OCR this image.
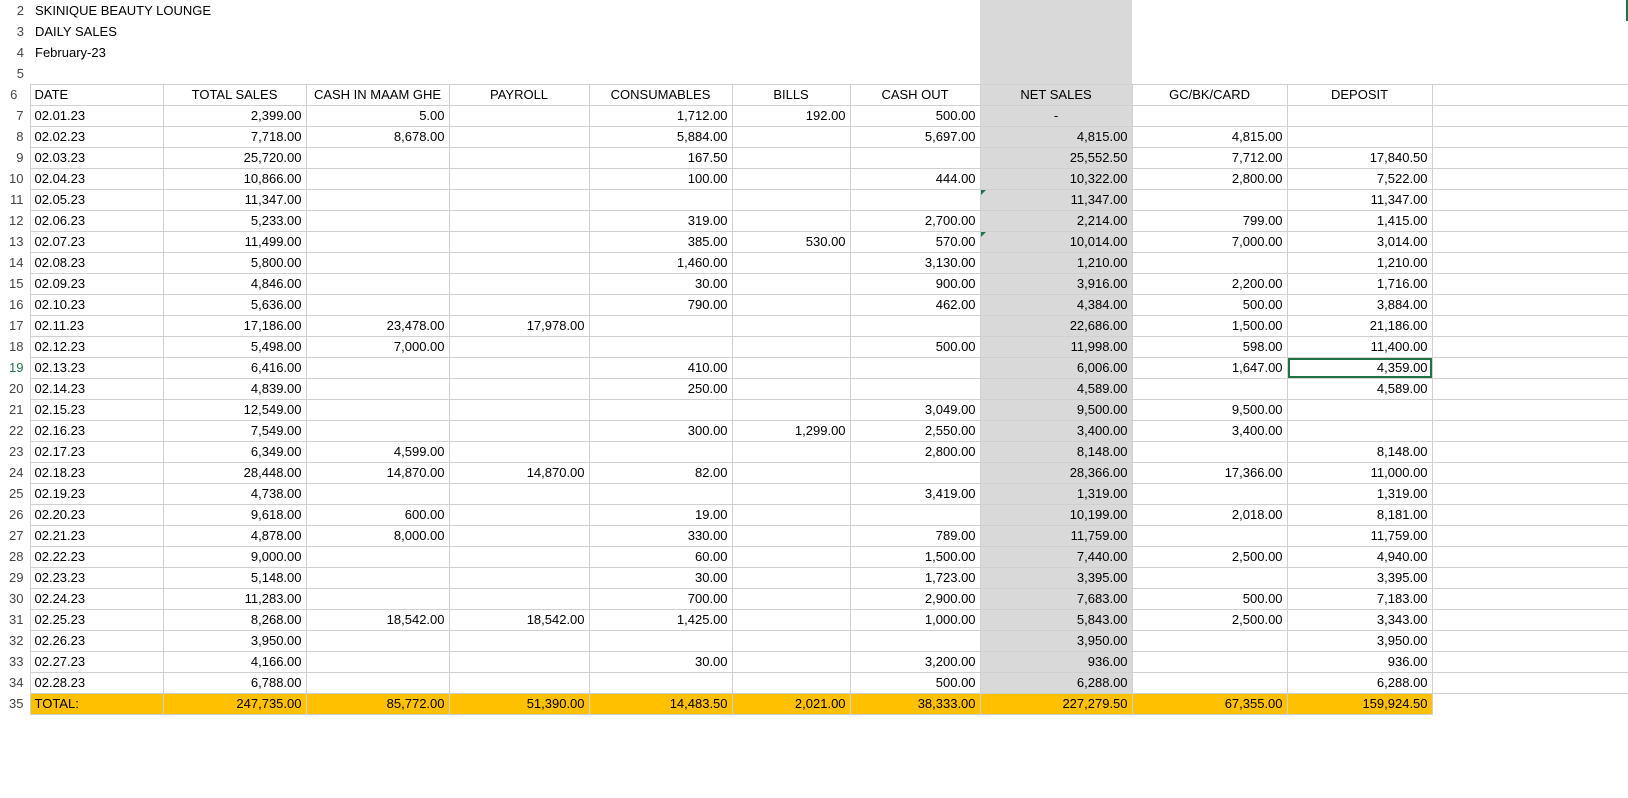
2	SKINIQUE BEAUTY LOUNGE										
3	DAILY SALES										
4	February-23										
5											
6	DATE	TOTAL SALES	CASH IN MAAM GHE	PAYROLL	CONSUMABLES	BILLS	CASH OUT	NET SALES	GC/BK/CARD	DEPOSIT	
7	02.01.23	2,399.00	5.00		1,712.00	192.00	500.00	-			
8	02.02.23	7,718.00	8,678.00		5,884.00		5,697.00	4,815.00	4,815.00		
9	02.03.23	25,720.00			167.50			25,552.50	7,712.00	17,840.50	
10	02.04.23	10,866.00			100.00		444.00	10,322.00	2,800.00	7,522.00	
11	02.05.23	11,347.00						11,347.00		11,347.00	
12	02.06.23	5,233.00			319.00		2,700.00	2,214.00	799.00	1,415.00	
13	02.07.23	11,499.00			385.00	530.00	570.00	10,014.00	7,000.00	3,014.00	
14	02.08.23	5,800.00			1,460.00		3,130.00	1,210.00		1,210.00	
15	02.09.23	4,846.00			30.00		900.00	3,916.00	2,200.00	1,716.00	
16	02.10.23	5,636.00			790.00		462.00	4,384.00	500.00	3,884.00	
17	02.11.23	17,186.00	23,478.00	17,978.00				22,686.00	1,500.00	21,186.00	
18	02.12.23	5,498.00	7,000.00				500.00	11,998.00	598.00	11,400.00	
19	02.13.23	6,416.00			410.00			6,006.00	1,647.00	4,359.00	
20	02.14.23	4,839.00			250.00			4,589.00		4,589.00	
21	02.15.23	12,549.00					3,049.00	9,500.00	9,500.00		
22	02.16.23	7,549.00			300.00	1,299.00	2,550.00	3,400.00	3,400.00		
23	02.17.23	6,349.00	4,599.00				2,800.00	8,148.00		8,148.00	
24	02.18.23	28,448.00	14,870.00	14,870.00	82.00			28,366.00	17,366.00	11,000.00	
25	02.19.23	4,738.00					3,419.00	1,319.00		1,319.00	
26	02.20.23	9,618.00	600.00		19.00			10,199.00	2,018.00	8,181.00	
27	02.21.23	4,878.00	8,000.00		330.00		789.00	11,759.00		11,759.00	
28	02.22.23	9,000.00			60.00		1,500.00	7,440.00	2,500.00	4,940.00	
29	02.23.23	5,148.00			30.00		1,723.00	3,395.00		3,395.00	
30	02.24.23	11,283.00			700.00		2,900.00	7,683.00	500.00	7,183.00	
31	02.25.23	8,268.00	18,542.00	18,542.00	1,425.00		1,000.00	5,843.00	2,500.00	3,343.00	
32	02.26.23	3,950.00						3,950.00		3,950.00	
33	02.27.23	4,166.00			30.00		3,200.00	936.00		936.00	
34	02.28.23	6,788.00					500.00	6,288.00		6,288.00	
35	TOTAL:	247,735.00	85,772.00	51,390.00	14,483.50	2,021.00	38,333.00	227,279.50	67,355.00	159,924.50	
